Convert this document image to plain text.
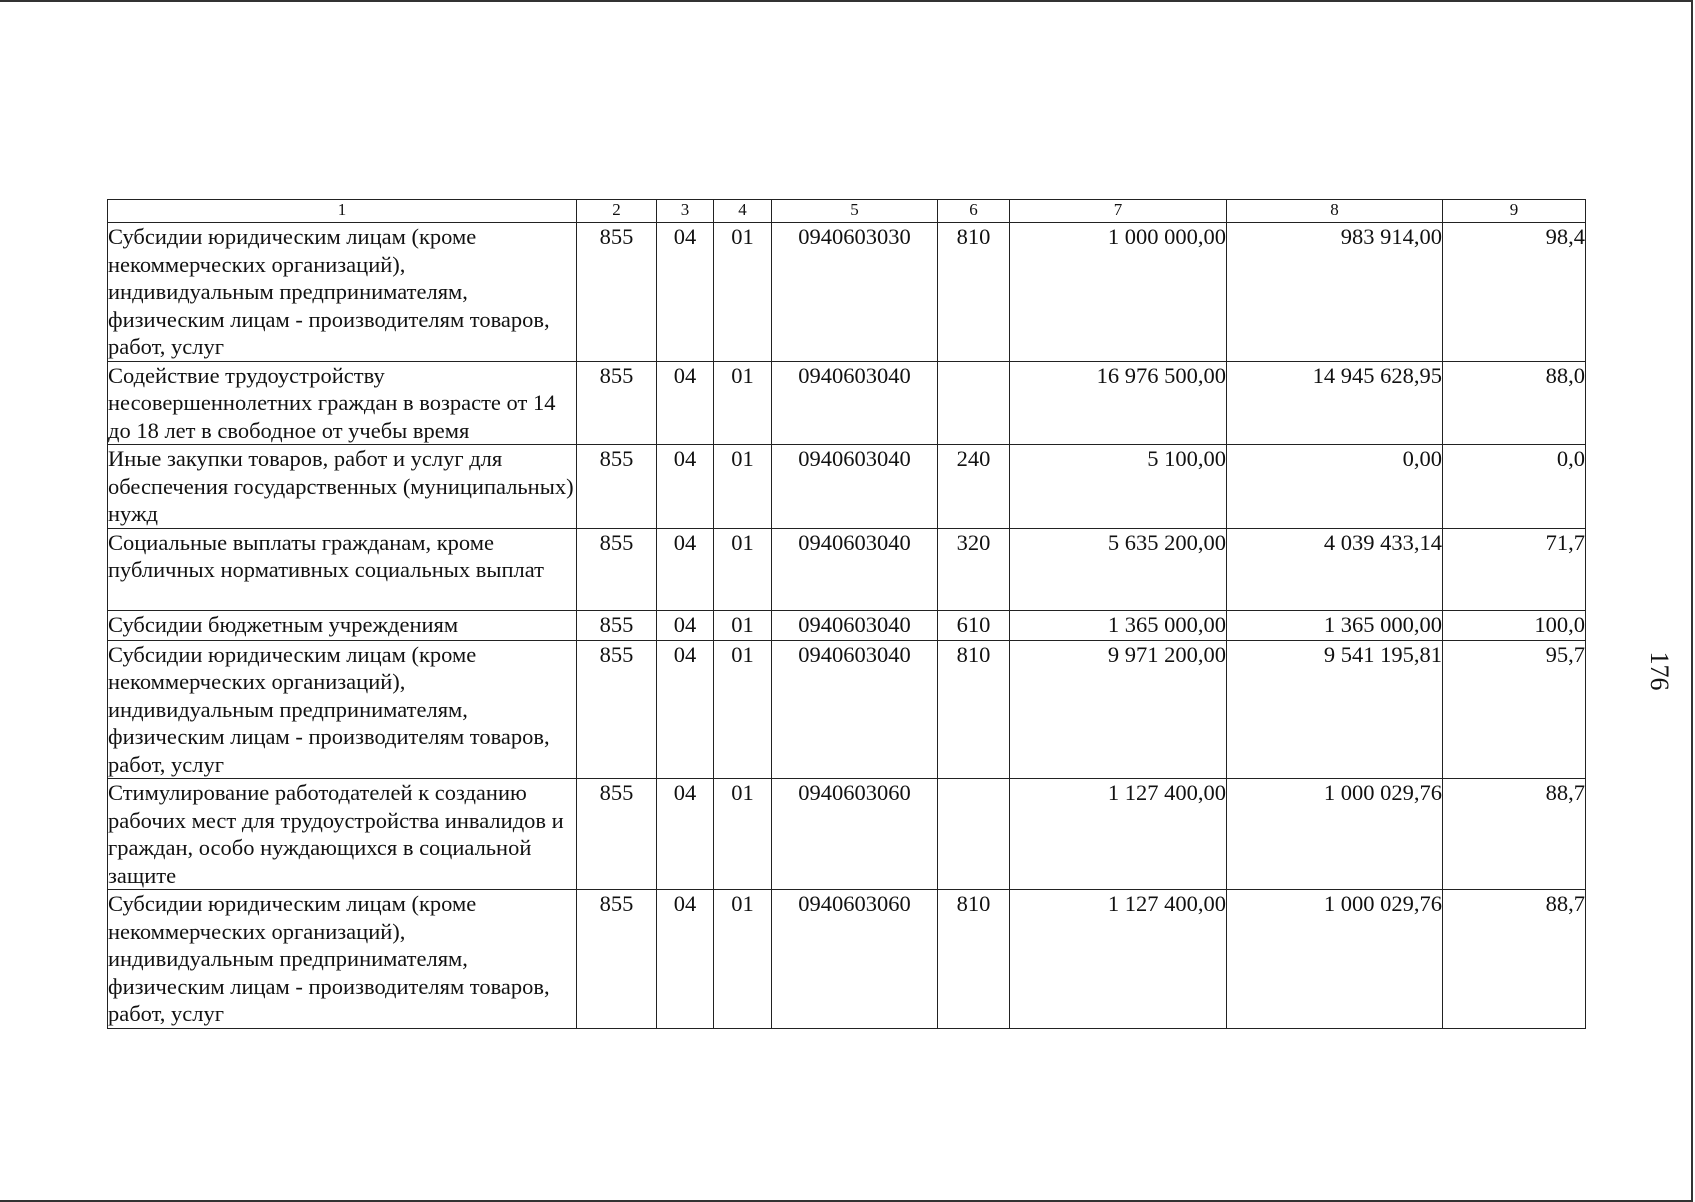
1	2	3	4	5	6	7	8	9
Субсидии юридическим лицам (кроме некоммерческих организаций), индивидуальным предпринимателям, физическим лицам - производителям товаров, работ, услуг	855	04	01	0940603030	810	1 000 000,00	983 914,00	98,4
Содействие трудоустройству несовершеннолетних граждан в возрасте от 14 до 18 лет в свободное от учебы время	855	04	01	0940603040		16 976 500,00	14 945 628,95	88,0
Иные закупки товаров, работ и услуг для обеспечения государственных (муниципальных) нужд	855	04	01	0940603040	240	5 100,00	0,00	0,0
Социальные выплаты гражданам, кроме публичных нормативных социальных выплат	855	04	01	0940603040	320	5 635 200,00	4 039 433,14	71,7
Субсидии бюджетным учреждениям	855	04	01	0940603040	610	1 365 000,00	1 365 000,00	100,0
Субсидии юридическим лицам (кроме некоммерческих организаций), индивидуальным предпринимателям, физическим лицам - производителям товаров, работ, услуг	855	04	01	0940603040	810	9 971 200,00	9 541 195,81	95,7
Стимулирование работодателей к созданию рабочих мест для трудоустройства инвалидов и граждан, особо нуждающихся в социальной защите	855	04	01	0940603060		1 127 400,00	1 000 029,76	88,7
Субсидии юридическим лицам (кроме некоммерческих организаций), индивидуальным предпринимателям, физическим лицам - производителям товаров, работ, услуг	855	04	01	0940603060	810	1 127 400,00	1 000 029,76	88,7
176
